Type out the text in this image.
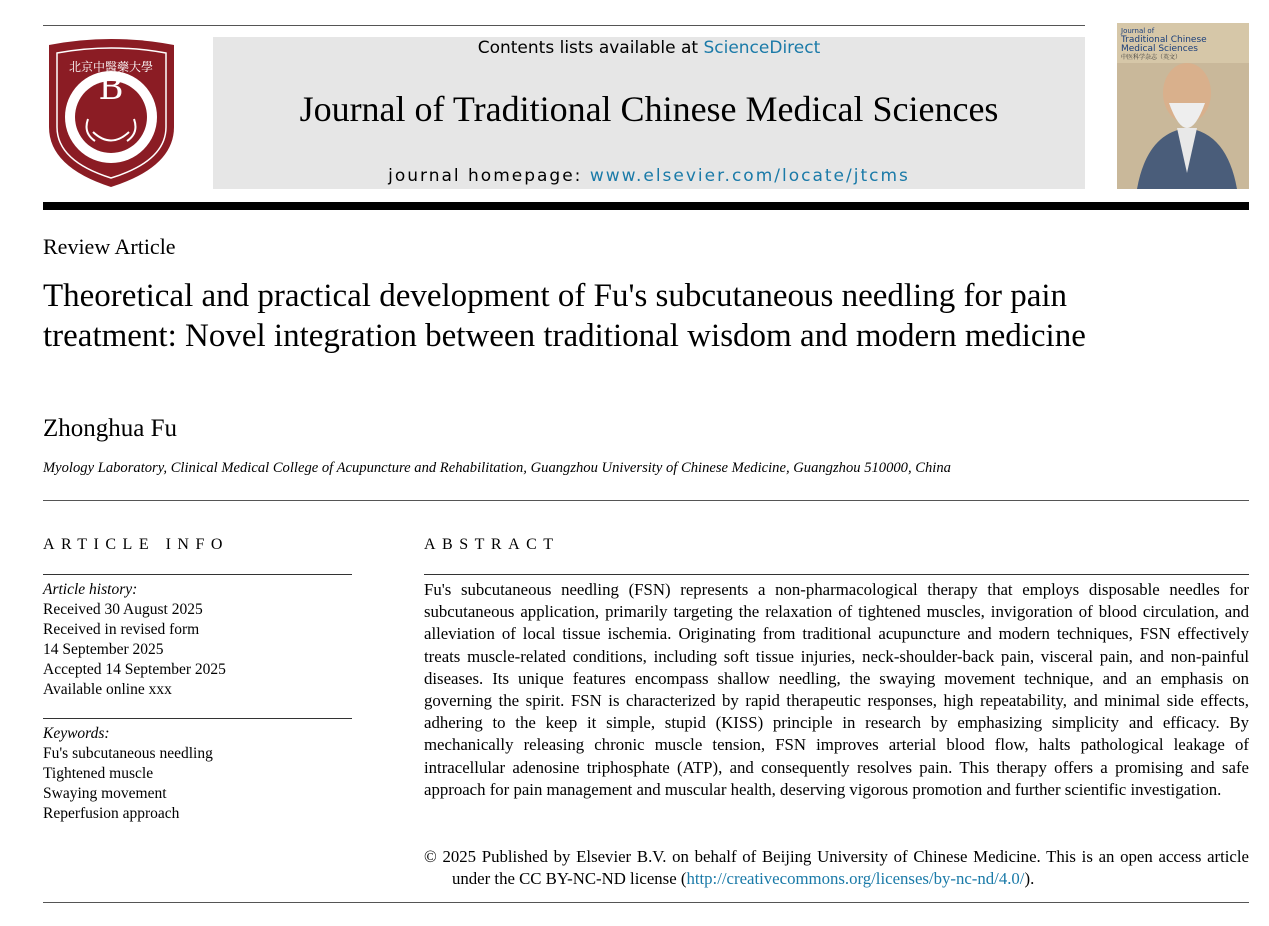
北京中醫藥大學
B
1956
Contents lists available at ScienceDirect
Journal of Traditional Chinese Medical Sciences
journal homepage: www.elsevier.com/locate/jtcms
Journal of
Traditional Chinese
Medical Sciences
中医科学杂志（英文）
Review Article
Theoretical and practical development of Fu's subcutaneous needling for pain treatment: Novel integration between traditional wisdom and modern medicine
Zhonghua Fu
Myology Laboratory, Clinical Medical College of Acupuncture and Rehabilitation, Guangzhou University of Chinese Medicine, Guangzhou 510000, China
ARTICLE INFO
Article history:
Received 30 August 2025
Received in revised form
14 September 2025
Accepted 14 September 2025
Available online xxx
Keywords:
Fu's subcutaneous needling
Tightened muscle
Swaying movement
Reperfusion approach
ABSTRACT
Fu's subcutaneous needling (FSN) represents a non-pharmacological therapy that employs disposable needles for subcutaneous application, primarily targeting the relaxation of tightened muscles, invigoration of blood circulation, and alleviation of local tissue ischemia. Originating from traditional acupuncture and modern techniques, FSN effectively treats muscle-related conditions, including soft tissue injuries, neck-shoulder-back pain, visceral pain, and non-painful diseases. Its unique features encompass shallow needling, the swaying movement technique, and an emphasis on governing the spirit. FSN is characterized by rapid therapeutic responses, high repeatability, and minimal side effects, adhering to the keep it simple, stupid (KISS) principle in research by emphasizing simplicity and efficacy. By mechanically releasing chronic muscle tension, FSN improves arterial blood flow, halts pathological leakage of intracellular adenosine triphosphate (ATP), and consequently resolves pain. This therapy offers a promising and safe approach for pain management and muscular health, deserving vigorous promotion and further scientific investigation.
© 2025 Published by Elsevier B.V. on behalf of Beijing University of Chinese Medicine. This is an open access article under the CC BY-NC-ND license (http://creativecommons.org/licenses/by-nc-nd/4.0/).
